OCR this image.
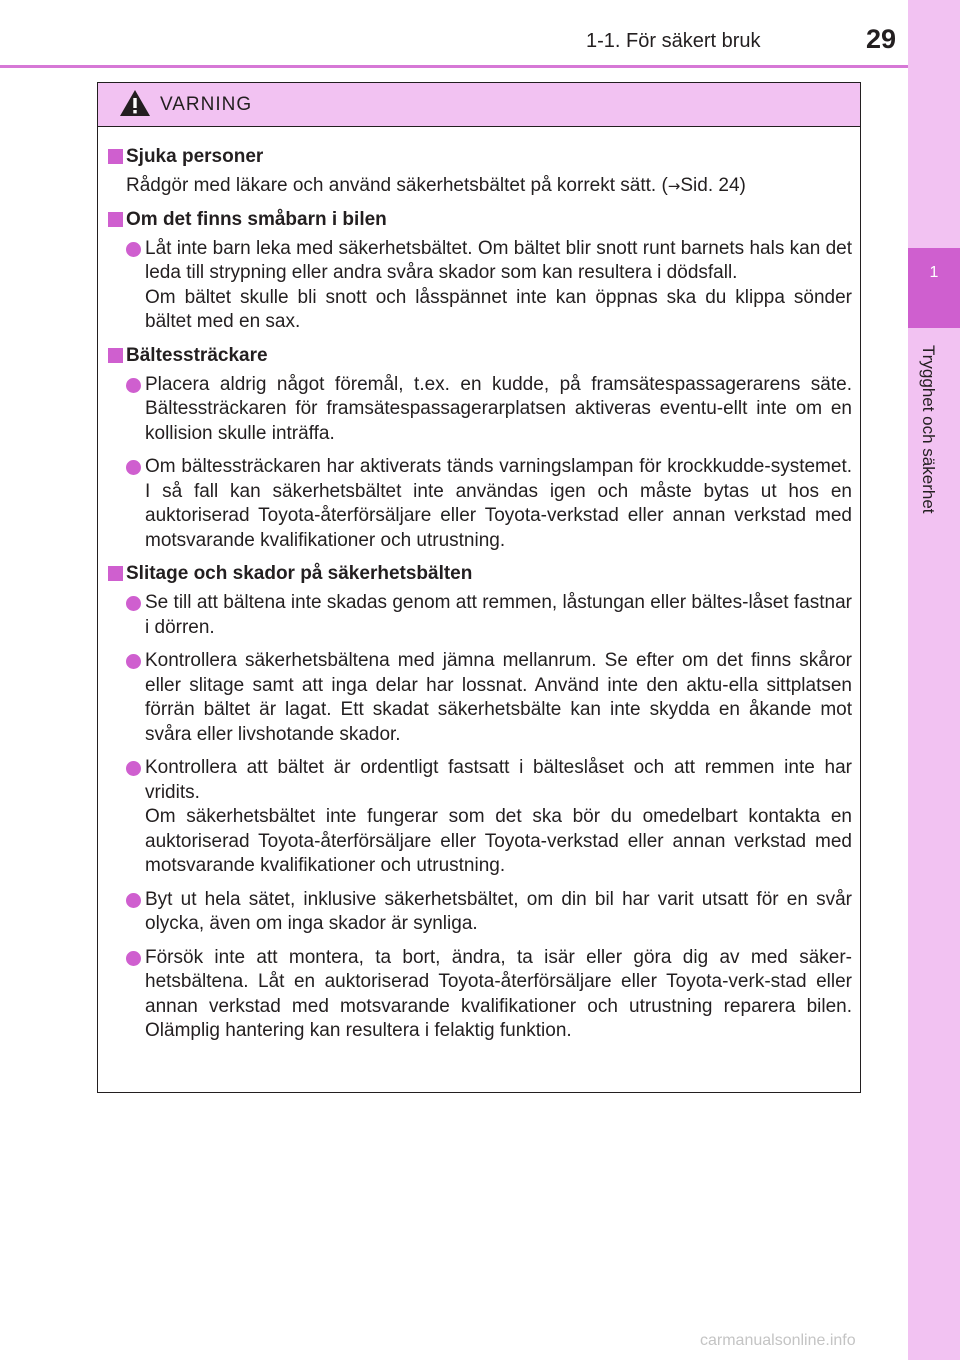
1-1. För säkert bruk	29
1
Trygghet och säkerhet
VARNING
Sjuka personer
Rådgör med läkare och använd säkerhetsbältet på korrekt sätt. (→Sid. 24)
Om det finns småbarn i bilen
Låt inte barn leka med säkerhetsbältet. Om bältet blir snott runt barnets hals kan det leda till strypning eller andra svåra skador som kan resultera i dödsfall.
Om bältet skulle bli snott och låsspännet inte kan öppnas ska du klippa sönder bältet med en sax.
Bältessträckare
Placera aldrig något föremål, t.ex. en kudde, på framsätespassagerarens säte. Bältessträckaren för framsätespassagerarplatsen aktiveras eventu-ellt inte om en kollision skulle inträffa.
Om bältessträckaren har aktiverats tänds varningslampan för krockkudde-systemet. I så fall kan säkerhetsbältet inte användas igen och måste bytas ut hos en auktoriserad Toyota-återförsäljare eller Toyota-verkstad eller annan verkstad med motsvarande kvalifikationer och utrustning.
Slitage och skador på säkerhetsbälten
Se till att bältena inte skadas genom att remmen, låstungan eller bältes-låset fastnar i dörren.
Kontrollera säkerhetsbältena med jämna mellanrum. Se efter om det finns skåror eller slitage samt att inga delar har lossnat. Använd inte den aktu-ella sittplatsen förrän bältet är lagat. Ett skadat säkerhetsbälte kan inte skydda en åkande mot svåra eller livshotande skador.
Kontrollera att bältet är ordentligt fastsatt i bälteslåset och att remmen inte har vridits.
Om säkerhetsbältet inte fungerar som det ska bör du omedelbart kontakta en auktoriserad Toyota-återförsäljare eller Toyota-verkstad eller annan verkstad med motsvarande kvalifikationer och utrustning.
Byt ut hela sätet, inklusive säkerhetsbältet, om din bil har varit utsatt för en svår olycka, även om inga skador är synliga.
Försök inte att montera, ta bort, ändra, ta isär eller göra dig av med säker-hetsbältena. Låt en auktoriserad Toyota-återförsäljare eller Toyota-verk-stad eller annan verkstad med motsvarande kvalifikationer och utrustning reparera bilen. Olämplig hantering kan resultera i felaktig funktion.
carmanualsonline.info
